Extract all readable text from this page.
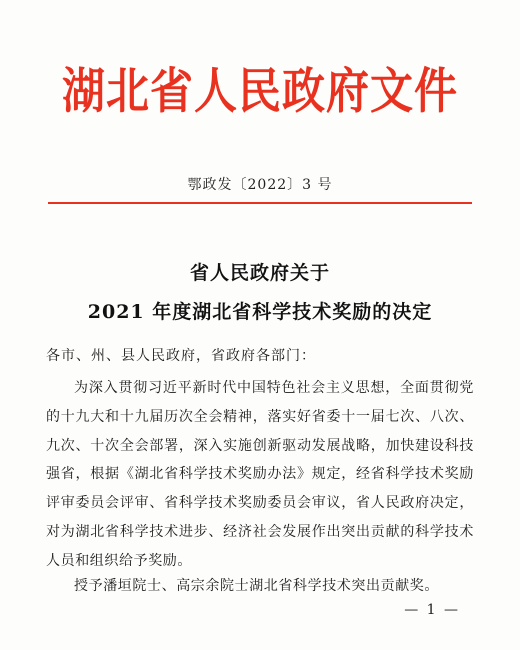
湖北省人民政府文件
鄂政发〔2022〕3 号
省人民政府关于
2021 年度湖北省科学技术奖励的决定
各市、州、县人民政府，省政府各部门：
为深入贯彻习近平新时代中国特色社会主义思想，全面贯彻党的十九大和十九届历次全会精神，落实好省委十一届七次、八次、九次、十次全会部署，深入实施创新驱动发展战略，加快建设科技强省，根据《湖北省科学技术奖励办法》规定，经省科学技术奖励评审委员会评审、省科学技术奖励委员会审议，省人民政府决定，对为湖北省科学技术进步、经济社会发展作出突出贡献的科学技术人员和组织给予奖励。
授予潘垣院士、高宗余院士湖北省科学技术突出贡献奖。
— 1 —
